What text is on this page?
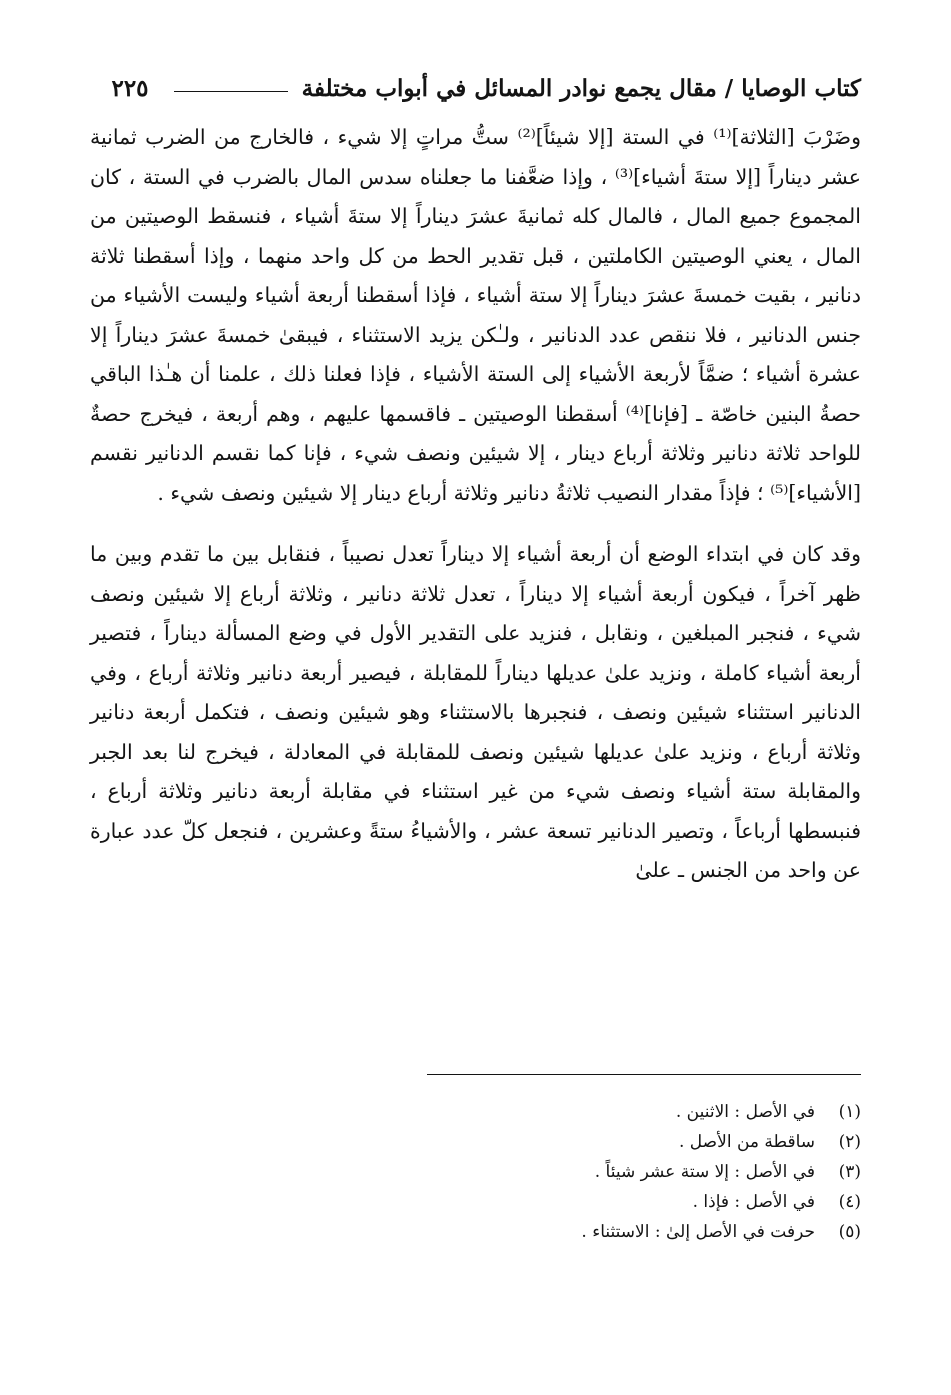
كتاب الوصايا / مقال يجمع نوادر المسائل في أبواب مختلفة
٢٢٥

وضَرْبَ [الثلاثة]⁽¹⁾ في الستة [إلا شيئاً]⁽²⁾ ستُّ مراتٍ إلا شيء ، فالخارج من الضرب ثمانية عشر ديناراً [إلا ستةَ أشياء]⁽³⁾ ، وإذا ضعَّفنا ما جعلناه سدس المال بالضرب في الستة ، كان المجموع جميع المال ، فالمال كله ثمانيةَ عشرَ ديناراً إلا ستةَ أشياء ، فنسقط الوصيتين من المال ، يعني الوصيتين الكاملتين ، قبل تقدير الحط من كل واحد منهما ، وإذا أسقطنا ثلاثة دنانير ، بقيت خمسةَ عشرَ ديناراً إلا ستة أشياء ، فإذا أسقطنا أربعة أشياء وليست الأشياء من جنس الدنانير ، فلا ننقص عدد الدنانير ، ولـٰكن يزيد الاستثناء ، فيبقىٰ خمسةَ عشرَ ديناراً إلا عشرة أشياء ؛ ضمَّاً لأربعة الأشياء إلى الستة الأشياء ، فإذا فعلنا ذلك ، علمنا أن هـٰذا الباقي حصةُ البنين خاصّة ـ [فإنا]⁽⁴⁾ أسقطنا الوصيتين ـ فاقسمها عليهم ، وهم أربعة ، فيخرج حصةٌ للواحد ثلاثة دنانير وثلاثة أرباع دينار ، إلا شيئين ونصف شيء ، فإنا كما نقسم الدنانير نقسم [الأشياء]⁽⁵⁾ ؛ فإذاً مقدار النصيب ثلاثةُ دنانير وثلاثة أرباع دينار إلا شيئين ونصف شيء .

وقد كان في ابتداء الوضع أن أربعة أشياء إلا ديناراً تعدل نصيباً ، فنقابل بين ما تقدم وبين ما ظهر آخراً ، فيكون أربعة أشياء إلا ديناراً ، تعدل ثلاثة دنانير ، وثلاثة أرباع إلا شيئين ونصف شيء ، فنجبر المبلغين ، ونقابل ، فنزيد على التقدير الأول في وضع المسألة ديناراً ، فتصير أربعة أشياء كاملة ، ونزيد علىٰ عديلها ديناراً للمقابلة ، فيصير أربعة دنانير وثلاثة أرباع ، وفي الدنانير استثناء شيئين ونصف ، فنجبرها بالاستثناء وهو شيئين ونصف ، فتكمل أربعة دنانير وثلاثة أرباع ، ونزيد علىٰ عديلها شيئين ونصف للمقابلة في المعادلة ، فيخرج لنا بعد الجبر والمقابلة ستة أشياء ونصف شيء من غير استثناء في مقابلة أربعة دنانير وثلاثة أرباع ، فنبسطها أرباعاً ، وتصير الدنانير تسعة عشر ، والأشياءُ ستةً وعشرين ، فنجعل كلّ عدد عبارة عن واحد من الجنس ـ علىٰ

(١)
في الأصل : الاثنين .
(٢)
ساقطة من الأصل .
(٣)
في الأصل : إلا ستة عشر شيئاً .
(٤)
في الأصل : فإذا .
(٥)
حرفت في الأصل إلىٰ : الاستثناء .
